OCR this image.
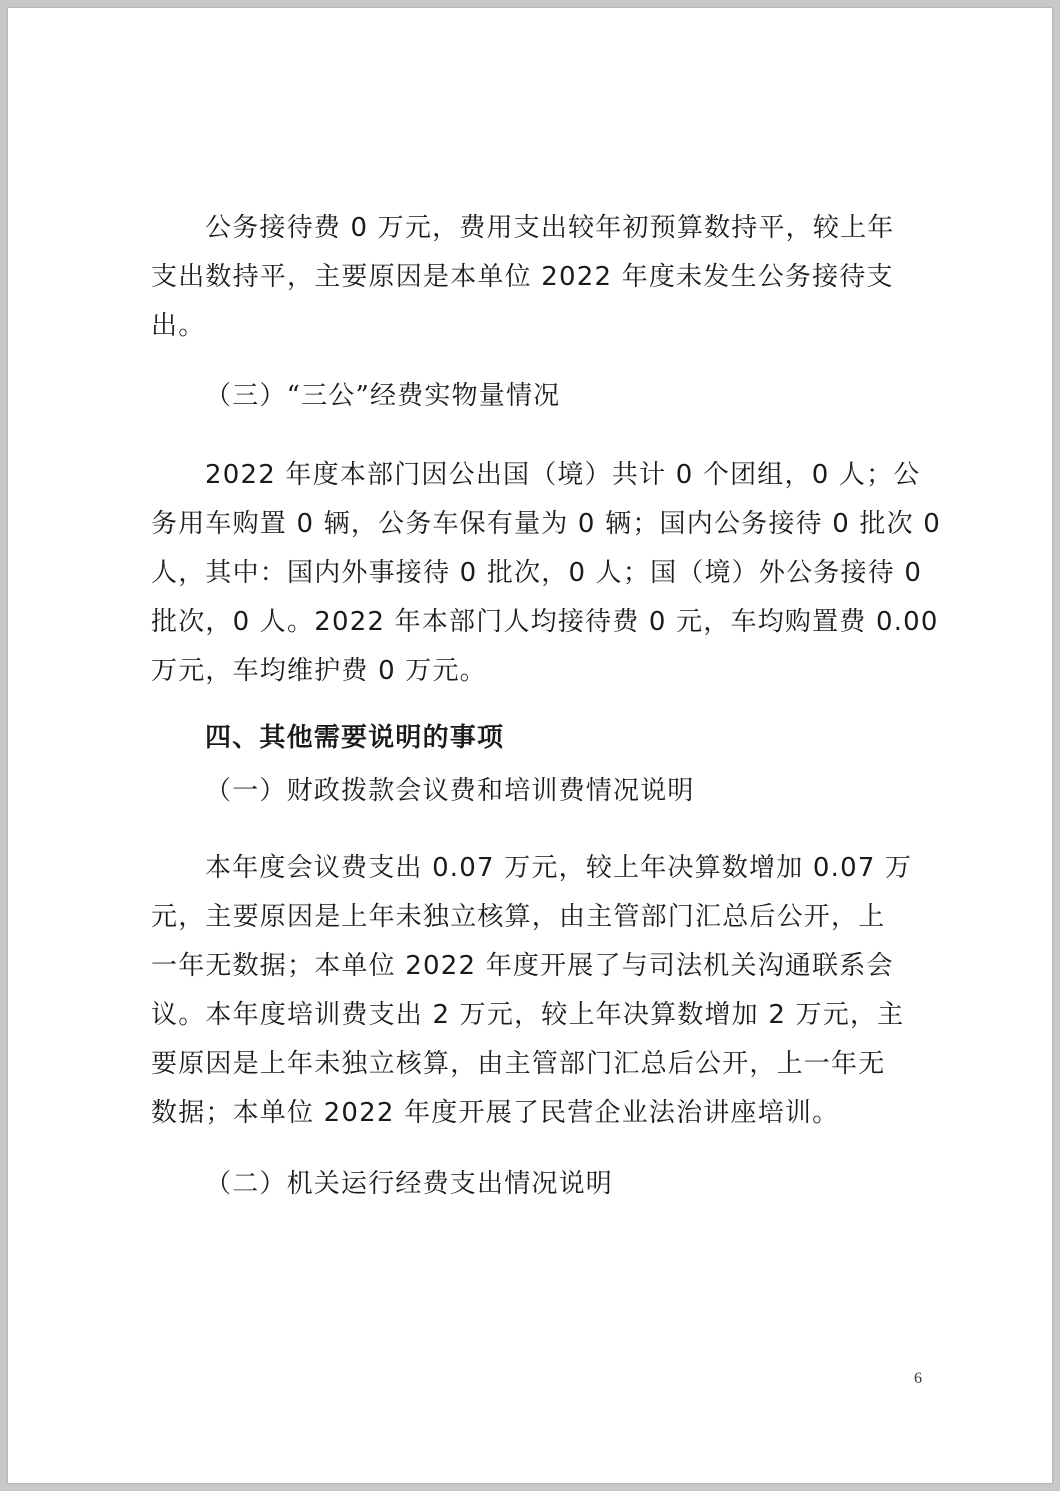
公务接待费 0 万元，费用支出较年初预算数持平，较上年
支出数持平，主要原因是本单位 2022 年度未发生公务接待支
出。
（三）“三公”经费实物量情况
2022 年度本部门因公出国（境）共计 0 个团组，0 人；公
务用车购置 0 辆，公务车保有量为 0 辆；国内公务接待 0 批次 0
人，其中：国内外事接待 0 批次，0 人；国（境）外公务接待 0
批次，0 人。2022 年本部门人均接待费 0 元，车均购置费 0.00
万元，车均维护费 0 万元。
四、其他需要说明的事项
（一）财政拨款会议费和培训费情况说明
本年度会议费支出 0.07 万元，较上年决算数增加 0.07 万
元，主要原因是上年未独立核算，由主管部门汇总后公开，上
一年无数据；本单位 2022 年度开展了与司法机关沟通联系会
议。本年度培训费支出 2 万元，较上年决算数增加 2 万元，主
要原因是上年未独立核算，由主管部门汇总后公开，上一年无
数据；本单位 2022 年度开展了民营企业法治讲座培训。
（二）机关运行经费支出情况说明
6
